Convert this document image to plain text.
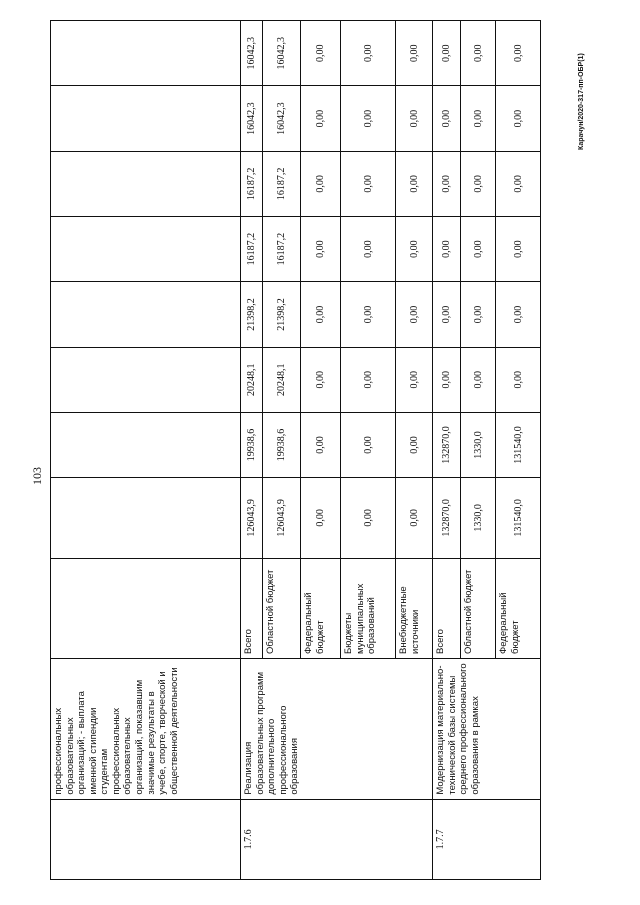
103
Карачун/2020-317-пп-ОБР(1)
	профессиональных образовательных организаций; - выплата именной стипендии студентам профессиональных образовательных организаций, показавшим значимые результаты в учебе, спорте, творческой и общественной деятельности									
1.7.6	Реализация образовательных программ дополнительного профессионального образования	Всего	126043,9	19938,6	20248,1	21398,2	16187,2	16187,2	16042,3	16042,3
		Областной бюджет	126043,9	19938,6	20248,1	21398,2	16187,2	16187,2	16042,3	16042,3
		Федеральный бюджет	0,00	0,00	0,00	0,00	0,00	0,00	0,00	0,00
		Бюджеты муниципальных образований	0,00	0,00	0,00	0,00	0,00	0,00	0,00	0,00
		Внебюджетные источники	0,00	0,00	0,00	0,00	0,00	0,00	0,00	0,00
1.7.7	Модернизация материально-технической базы системы среднего профессионального образования в рамках	Всего	132870,0	132870,0	0,00	0,00	0,00	0,00	0,00	0,00
		Областной бюджет	1330,0	1330,0	0,00	0,00	0,00	0,00	0,00	0,00
		Федеральный бюджет	131540,0	131540,0	0,00	0,00	0,00	0,00	0,00	0,00
